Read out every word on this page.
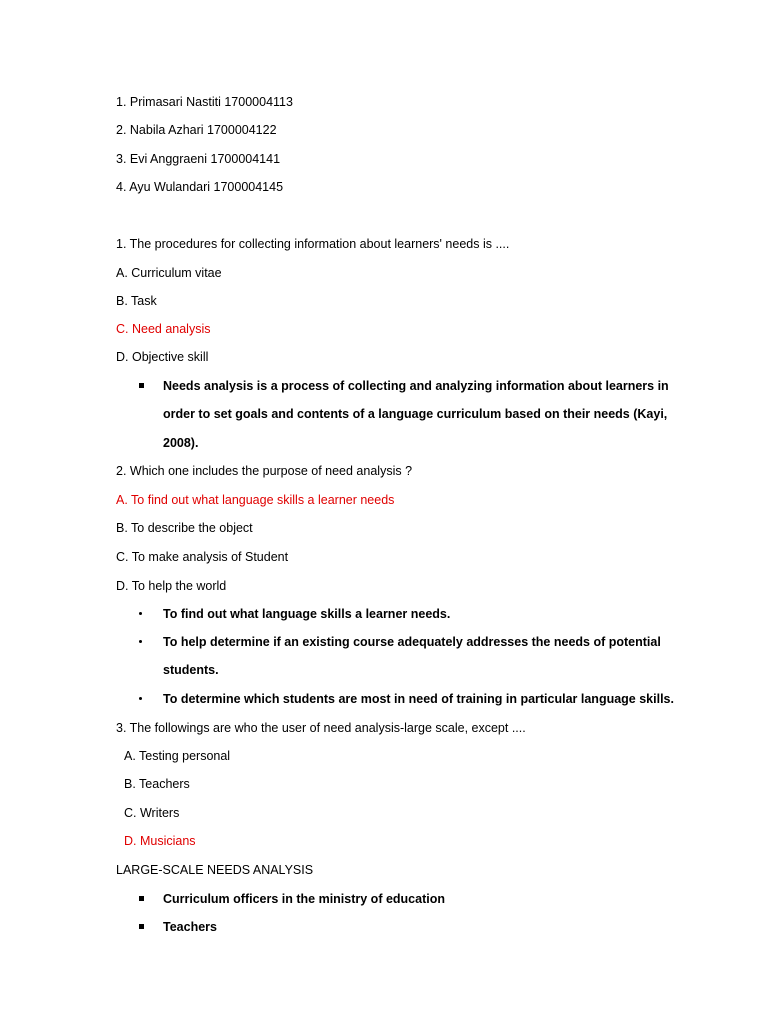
1. Primasari Nastiti 1700004113
2. Nabila Azhari 1700004122
3. Evi Anggraeni 1700004141
4. Ayu Wulandari 1700004145
1. The procedures for collecting information about learners' needs is ....
A. Curriculum vitae
B. Task
C. Need analysis
D. Objective skill
Needs analysis is a process of collecting and analyzing information about learners in
order to set goals and contents of a language curriculum based on their needs (Kayi,
2008).
2. Which one includes the purpose of need analysis ?
A. To find out what language skills a learner needs
B. To describe the object
C. To make analysis of Student
D. To help the world
To find out what language skills a learner needs.
To help determine if an existing course adequately addresses the needs of potential
students.
To determine which students are most in need of training in particular language skills.
3. The followings are who the user of need analysis-large scale, except ....
A. Testing personal
B. Teachers
C. Writers
D. Musicians
LARGE-SCALE NEEDS ANALYSIS
Curriculum officers in the ministry of education
Teachers
